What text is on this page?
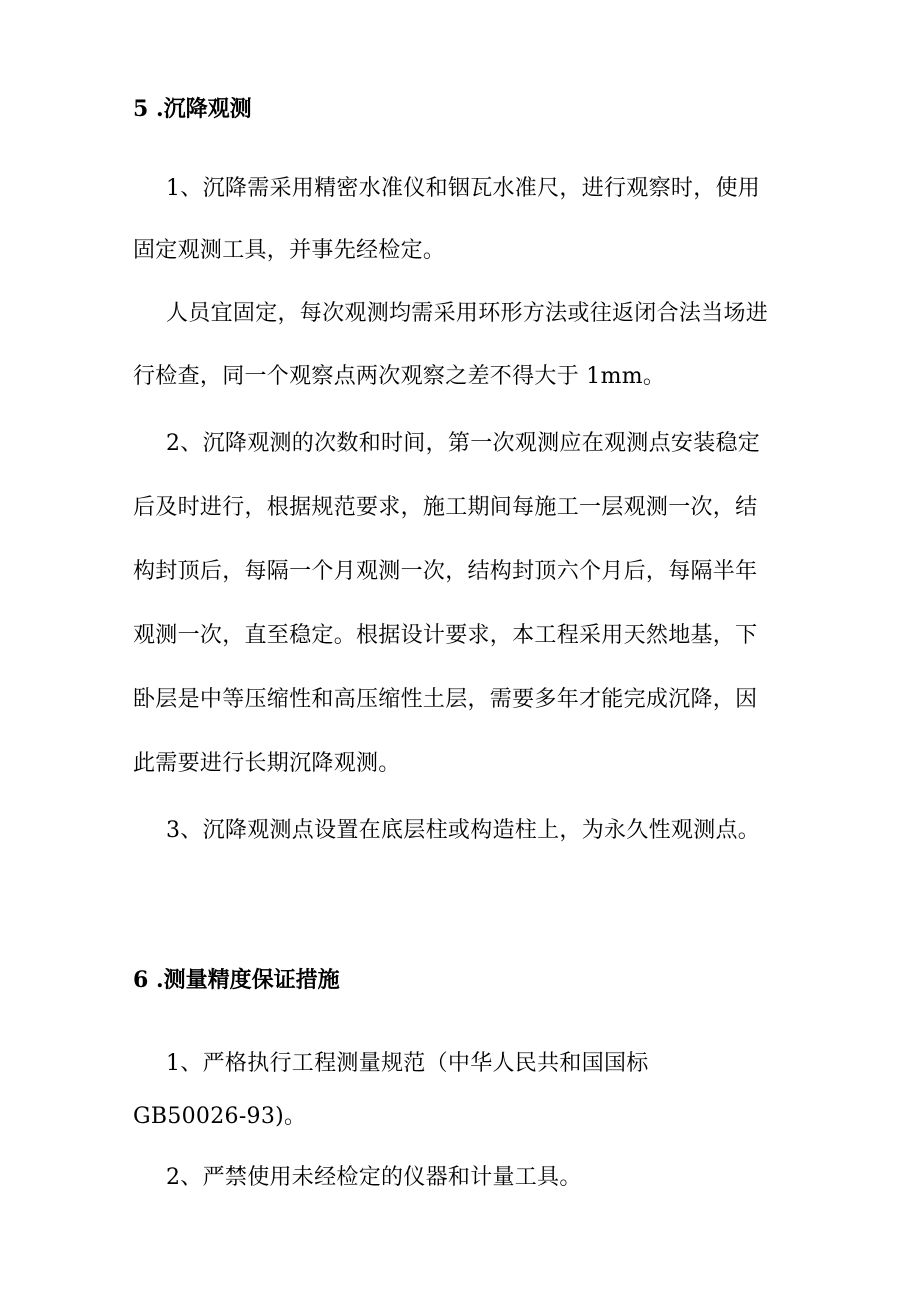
5 .沉降观测
1、沉降需采用精密水准仪和铟瓦水准尺，进行观察时，使用
固定观测工具，并事先经检定。
人员宜固定，每次观测均需采用环形方法或往返闭合法当场进
行检查，同一个观察点两次观察之差不得大于 1mm。
2、沉降观测的次数和时间，第一次观测应在观测点安装稳定
后及时进行，根据规范要求，施工期间每施工一层观测一次，结
构封顶后，每隔一个月观测一次，结构封顶六个月后，每隔半年
观测一次，直至稳定。根据设计要求，本工程采用天然地基，下
卧层是中等压缩性和高压缩性土层，需要多年才能完成沉降，因
此需要进行长期沉降观测。
3、沉降观测点设置在底层柱或构造柱上，为永久性观测点。
6 .测量精度保证措施
1、严格执行工程测量规范（中华人民共和国国标
GB50026-93)。
2、严禁使用未经检定的仪器和计量工具。
